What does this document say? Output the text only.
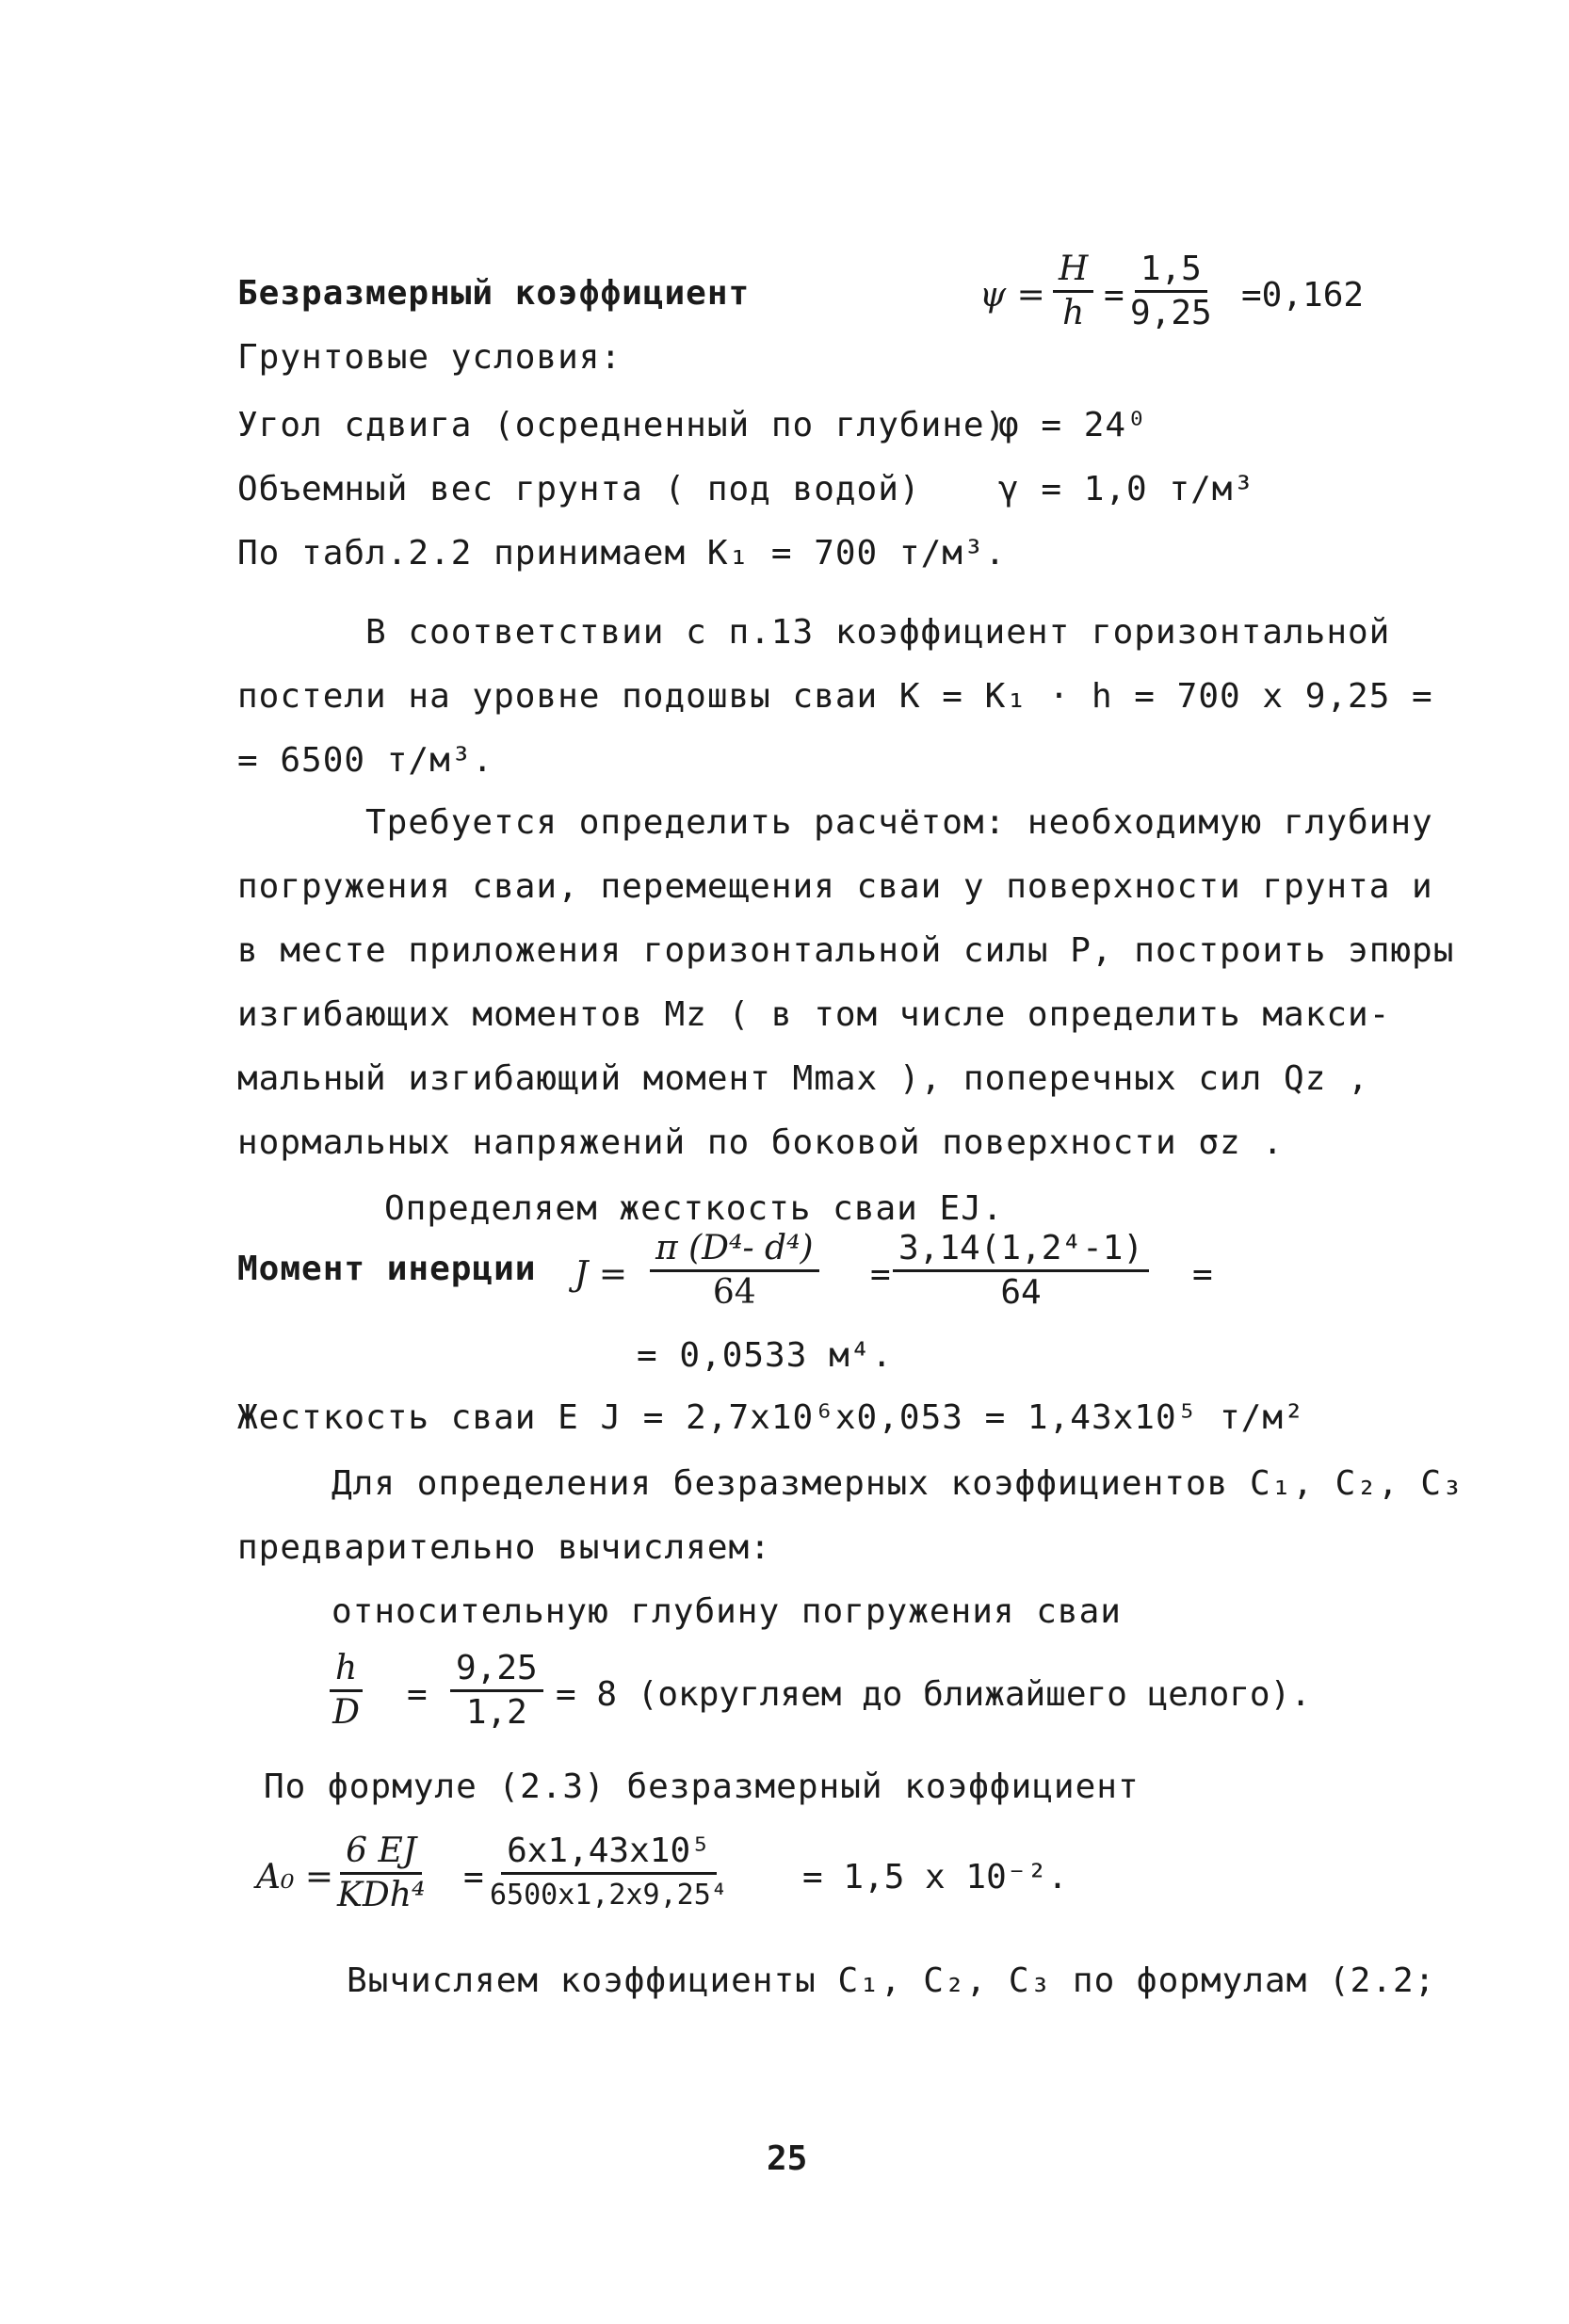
Безразмерный коэффициент	$\psi = \frac{H}{h} = \frac{1,5}{9,25} =0,162$
Грунтовые условия:
Угол сдвига (осредненный по глубине)
φ = 24⁰
Объемный вес грунта ( под водой) γ = 1,0 т/м³
По табл.2.2 принимаем K₁ = 700 т/м³.
В соответствии с п.13 коэффициент горизонтальной
постели на уровне подошвы сваи K = K₁ · h = 700 x 9,25 =
= 6500 т/м³.
Требуется определить расчётом: необходимую глубину
погружения сваи, перемещения сваи у поверхности грунта и
в месте приложения горизонтальной силы P, построить эпюры
изгибающих моментов Mz ( в том числе определить макси-
мальный изгибающий момент Mmax ), поперечных сил Qz ,
нормальных напряжений по боковой поверхности σz .
Определяем жесткость сваи EJ.
Момент инерции $J = \frac{\text{π (D⁴- d⁴)}}{64} = \frac{\text{3,14(1,2⁴-1)}}{64}$ =
= 0,0533 м⁴.
Жесткость сваи E J = 2,7x10⁶x0,053 = 1,43x10⁵ т/м²
Для определения безразмерных коэффициентов C₁, C₂, C₃
предварительно вычисляем:
относительную глубину погружения сваи
$\frac{h}{D} = \frac{9,25}{1,2} = 8$ (округляем до ближайшего целого).
По формуле (2.3) безразмерный коэффициент
A₀ =
6 EJ
KDh⁴ =
6x1,43x10⁵
6500x1,2x9,25⁴ = 1,5 x 10⁻².
Вычисляем коэффициенты C₁, C₂, C₃ по формулам (2.2;
25
